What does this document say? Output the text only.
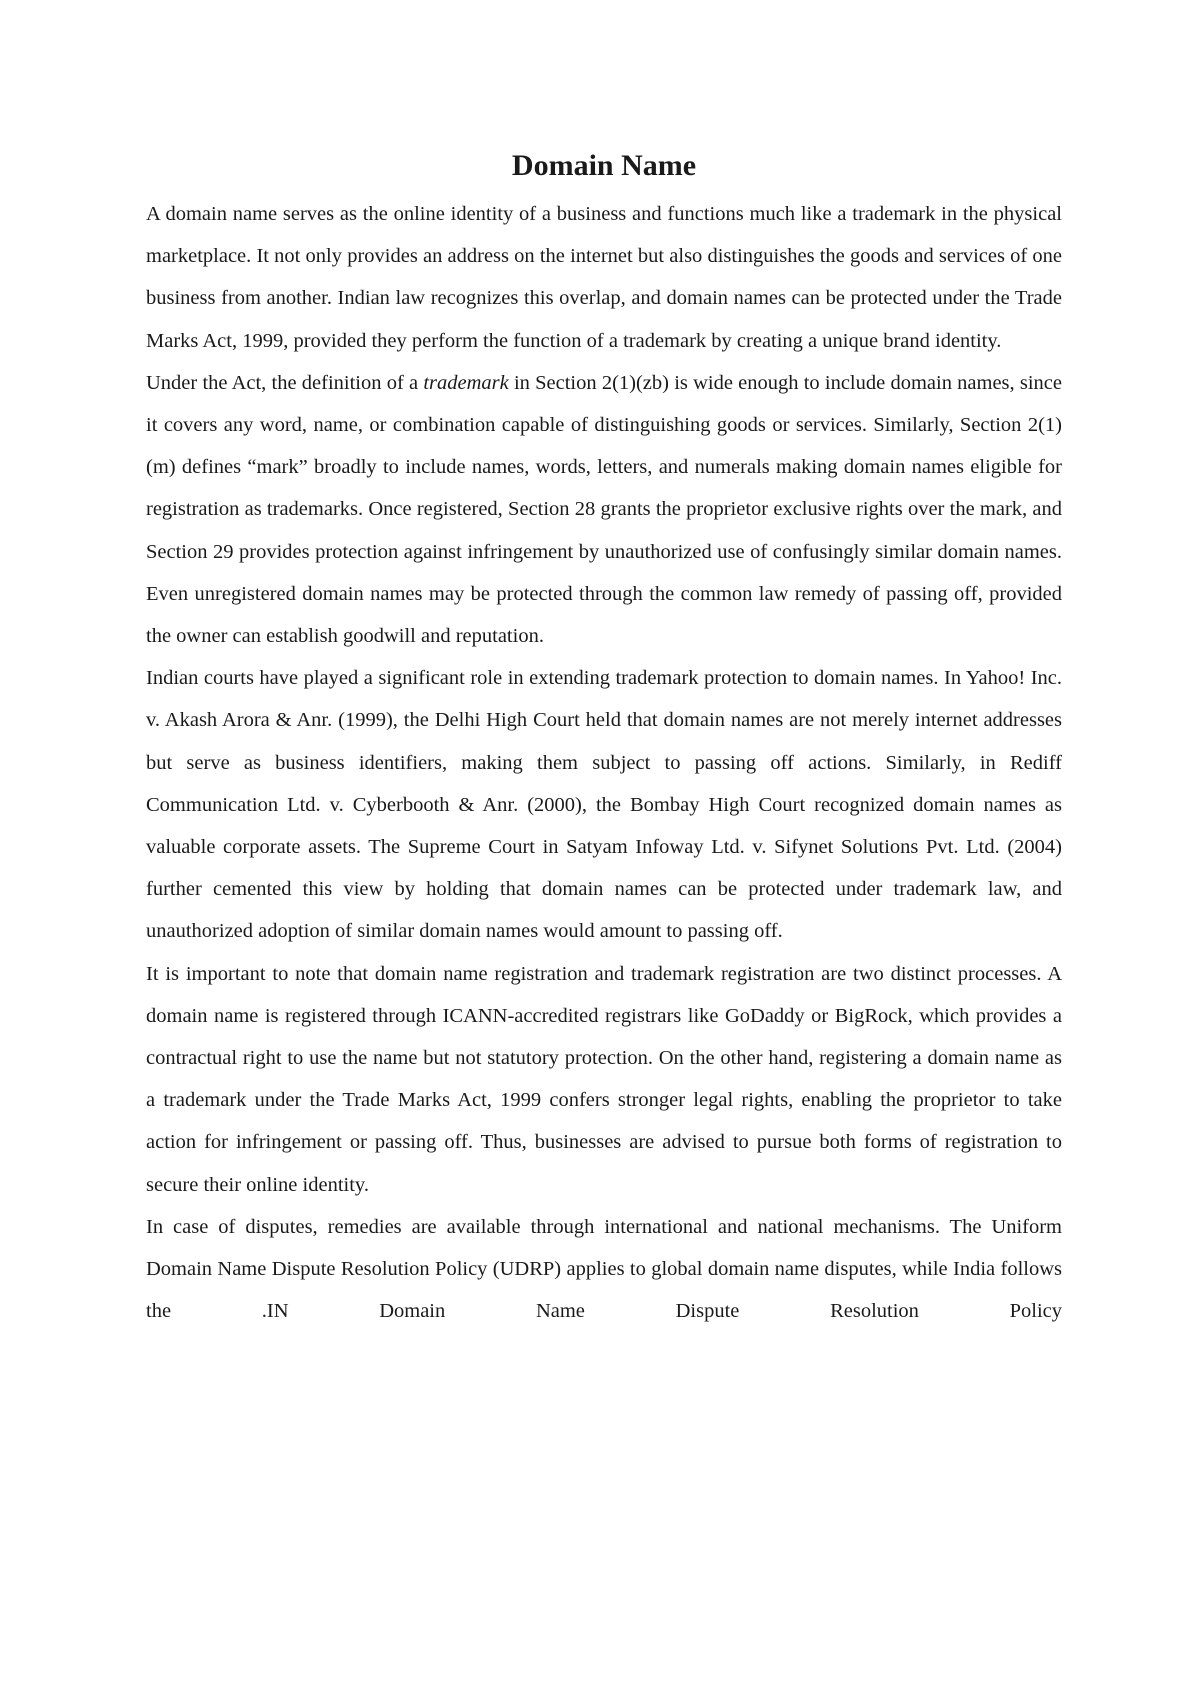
Domain Name

A domain name serves as the online identity of a business and functions much like a trademark in the physical marketplace. It not only provides an address on the internet but also distinguishes the goods and services of one business from another. Indian law recognizes this overlap, and domain names can be protected under the Trade Marks Act, 1999, provided they perform the function of a trademark by creating a unique brand identity.

Under the Act, the definition of a trademark in Section 2(1)(zb) is wide enough to include domain names, since it covers any word, name, or combination capable of distinguishing goods or services. Similarly, Section 2(1)(m) defines “mark” broadly to include names, words, letters, and numerals making domain names eligible for registration as trademarks. Once registered, Section 28 grants the proprietor exclusive rights over the mark, and Section 29 provides protection against infringement by unauthorized use of confusingly similar domain names. Even unregistered domain names may be protected through the common law remedy of passing off, provided the owner can establish goodwill and reputation.

Indian courts have played a significant role in extending trademark protection to domain names. In Yahoo! Inc. v. Akash Arora & Anr. (1999), the Delhi High Court held that domain names are not merely internet addresses but serve as business identifiers, making them subject to passing off actions. Similarly, in Rediff Communication Ltd. v. Cyberbooth & Anr. (2000), the Bombay High Court recognized domain names as valuable corporate assets. The Supreme Court in Satyam Infoway Ltd. v. Sifynet Solutions Pvt. Ltd. (2004) further cemented this view by holding that domain names can be protected under trademark law, and unauthorized adoption of similar domain names would amount to passing off.

It is important to note that domain name registration and trademark registration are two distinct processes. A domain name is registered through ICANN-accredited registrars like GoDaddy or BigRock, which provides a contractual right to use the name but not statutory protection. On the other hand, registering a domain name as a trademark under the Trade Marks Act, 1999 confers stronger legal rights, enabling the proprietor to take action for infringement or passing off. Thus, businesses are advised to pursue both forms of registration to secure their online identity.

In case of disputes, remedies are available through international and national mechanisms. The Uniform Domain Name Dispute Resolution Policy (UDRP) applies to global domain name disputes, while India follows the .IN Domain Name Dispute Resolution Policy
